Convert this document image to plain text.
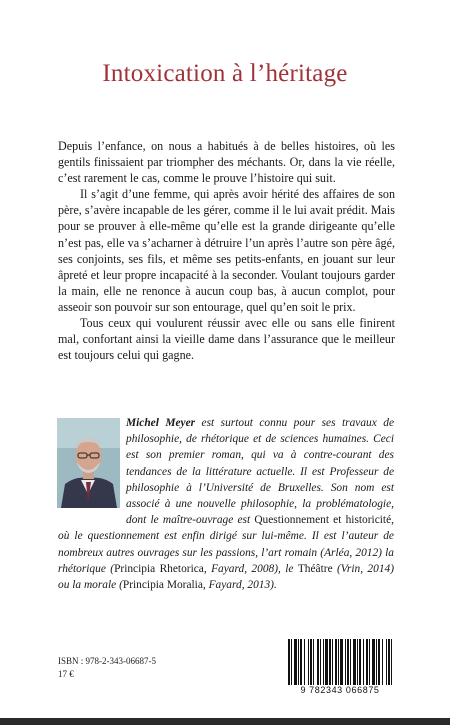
Intoxication à l’héritage

Depuis l’enfance, on nous a habitués à de belles histoires, où les gentils finissaient par triompher des méchants. Or, dans la vie réelle, c’est rarement le cas, comme le prouve l’histoire qui suit.

Il s’agit d’une femme, qui après avoir hérité des affaires de son père, s’avère incapable de les gérer, comme il le lui avait prédit. Mais pour se prouver à elle-même qu’elle est la grande dirigeante qu’elle n’est pas, elle va s’acharner à détruire l’un après l’autre son père âgé, ses conjoints, ses fils, et même ses petits-enfants, en jouant sur leur âpreté et leur propre incapacité à la seconder. Voulant toujours garder la main, elle ne renonce à aucun coup bas, à aucun complot, pour asseoir son pouvoir sur son entourage, quel qu’en soit le prix.

Tous ceux qui voulurent réussir avec elle ou sans elle finirent mal, confortant ainsi la vieille dame dans l’assurance que le meilleur est toujours celui qui gagne.

Michel Meyer est surtout connu pour ses travaux de philosophie, de rhétorique et de sciences humaines. Ceci est son premier roman, qui va à contre-courant des tendances de la littérature actuelle. Il est Professeur de philosophie à l’Université de Bruxelles. Son nom est associé à une nouvelle philosophie, la problématologie, dont le maître-ouvrage est Questionnement et historicité, où le questionnement est enfin dirigé sur lui-même. Il est l’auteur de nombreux autres ouvrages sur les passions, l’art romain (Arléa, 2012) la rhétorique (Principia Rhetorica, Fayard, 2008), le Théâtre (Vrin, 2014) ou la morale (Principia Moralia, Fayard, 2013).
ISBN : 978-2-343-06687-5
17 €
9 782343 066875
